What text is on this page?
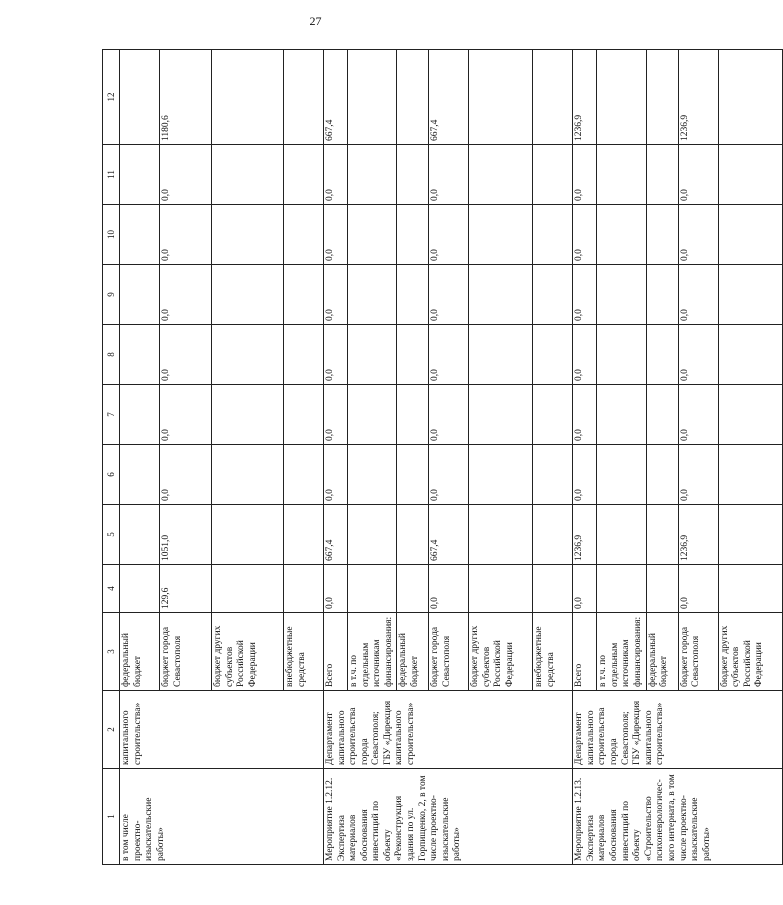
27
1	2	3	4	5	6	7	8	9	10	11	12
в том числе проектно-изыскательские работы»	капитального строительства»	федеральный бюджет									
		бюджет города Севастополя	129,6	1051,0	0,0	0,0	0,0	0,0	0,0	0,0	1180,6
		бюджет других субъектов Российской Федерации									
		внебюджетные средства									
Мероприятие 1.2.12. Экспертиза материалов обоснования инвестиций по объекту «Реконструкция здания по ул. Горпищенко, 2, в том числе проектно-изыскательские работы»	Департамент капитального строительства города Севастополя; ГБУ «Дирекция капитального строительства»	Всего	0,0	667,4	0,0	0,0	0,0	0,0	0,0	0,0	667,4
		в т.ч. по отдельным источникам финансирования:									
		федеральный бюджет									
		бюджет города Севастополя	0,0	667,4	0,0	0,0	0,0	0,0	0,0	0,0	667,4
		бюджет других субъектов Российской Федерации									
		внебюджетные средства									
Мероприятие 1.2.13. Экспертиза материалов обоснования инвестиций по объекту «Строительство психоневрологичес-кого интерната, в том числе проектно-изыскательские работы»	Департамент капитального строительства города Севастополя; ГБУ «Дирекция капитального строительства»	Всего	0,0	1236,9	0,0	0,0	0,0	0,0	0,0	0,0	1236,9
		в т.ч. по отдельным источникам финансирования:									
		федеральный бюджет									
		бюджет города Севастополя	0,0	1236,9	0,0	0,0	0,0	0,0	0,0	0,0	1236,9
		бюджет других субъектов Российской Федерации									
